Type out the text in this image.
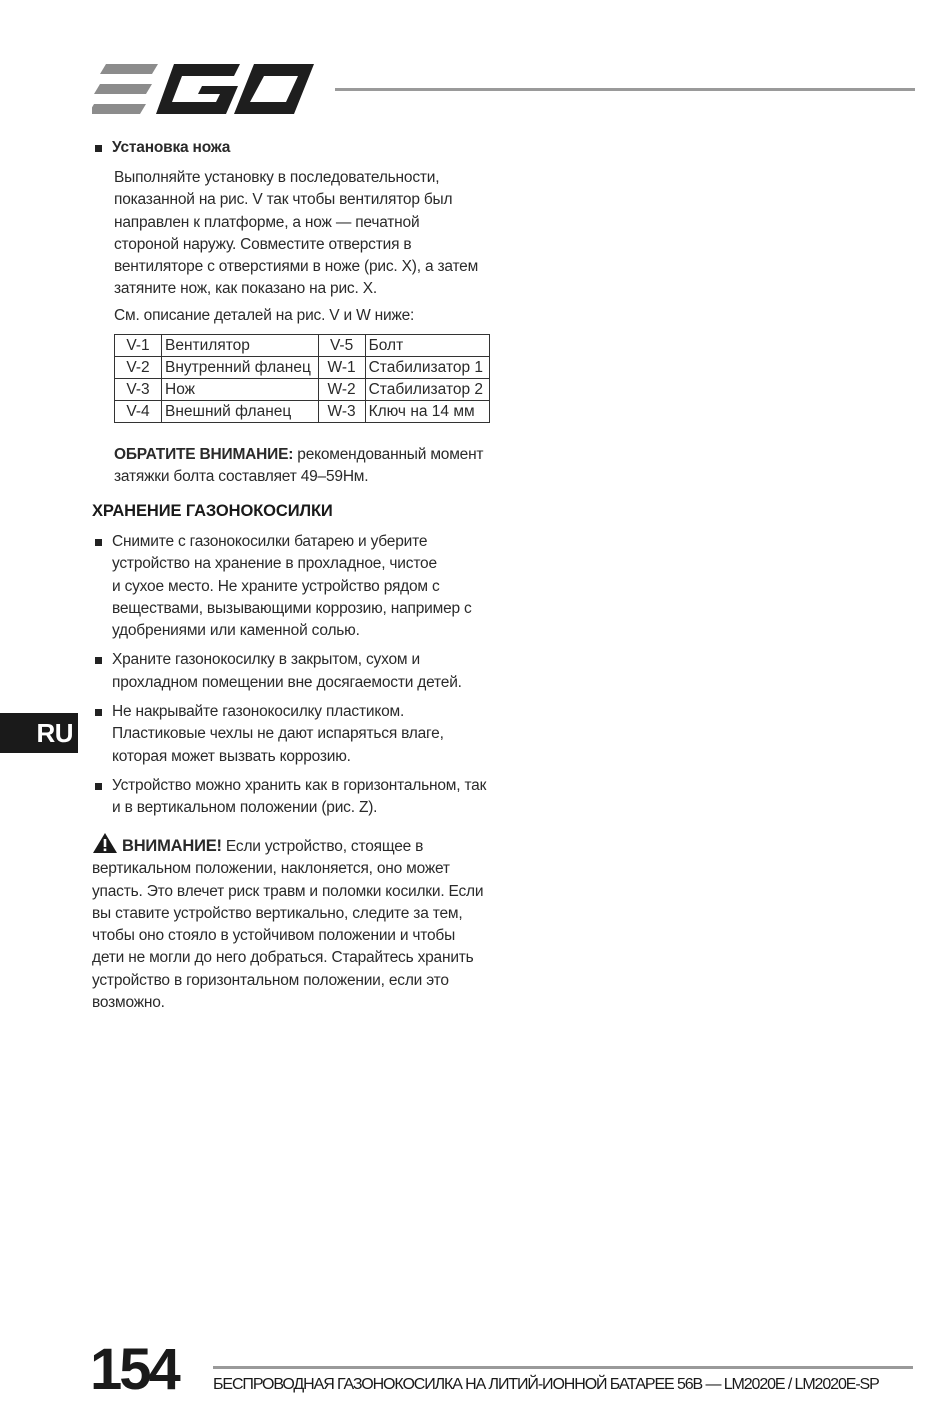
Установка ножа
Выполняйте установку в последовательности,
показанной на рис. V так чтобы вентилятор был
направлен к платформе, а нож — печатной
стороной наружу. Совместите отверстия в
вентиляторе с отверстиями в ноже (рис. X), а затем
затяните нож, как показано на рис. X.
См. описание деталей на рис. V и W ниже:
V-1	Вентилятор	V-5	Болт
V-2	Внутренний фланец	W-1	Стабилизатор 1
V-3	Нож	W-2	Стабилизатор 2
V-4	Внешний фланец	W-3	Ключ на 14 мм
ОБРАТИТЕ ВНИМАНИЕ: рекомендованный момент
затяжки болта составляет 49–59Нм.
ХРАНЕНИЕ ГАЗОНОКОСИЛКИ
Снимите с газонокосилки батарею и уберите
устройство на хранение в прохладное, чистое
и сухое место. Не храните устройство рядом с
веществами, вызывающими коррозию, например с
удобрениями или каменной солью.
Храните газонокосилку в закрытом, сухом и
прохладном помещении вне досягаемости детей.
Не накрывайте газонокосилку пластиком.
Пластиковые чехлы не дают испаряться влаге,
которая может вызвать коррозию.
Устройство можно хранить как в горизонтальном, так
и в вертикальном положении (рис. Z).
ВНИМАНИЕ! Если устройство, стоящее в
вертикальном положении, наклоняется, оно может
упасть. Это влечет риск травм и поломки косилки. Если
вы ставите устройство вертикально, следите за тем,
чтобы оно стояло в устойчивом положении и чтобы
дети не могли до него добраться. Старайтесь хранить
устройство в горизонтальном положении, если это
возможно.
RU
154 БЕСПРОВОДНАЯ ГАЗОНОКОСИЛКА НА ЛИТИЙ-ИОННОЙ БАТАРЕЕ 56В — LM2020E / LM2020E-SP
